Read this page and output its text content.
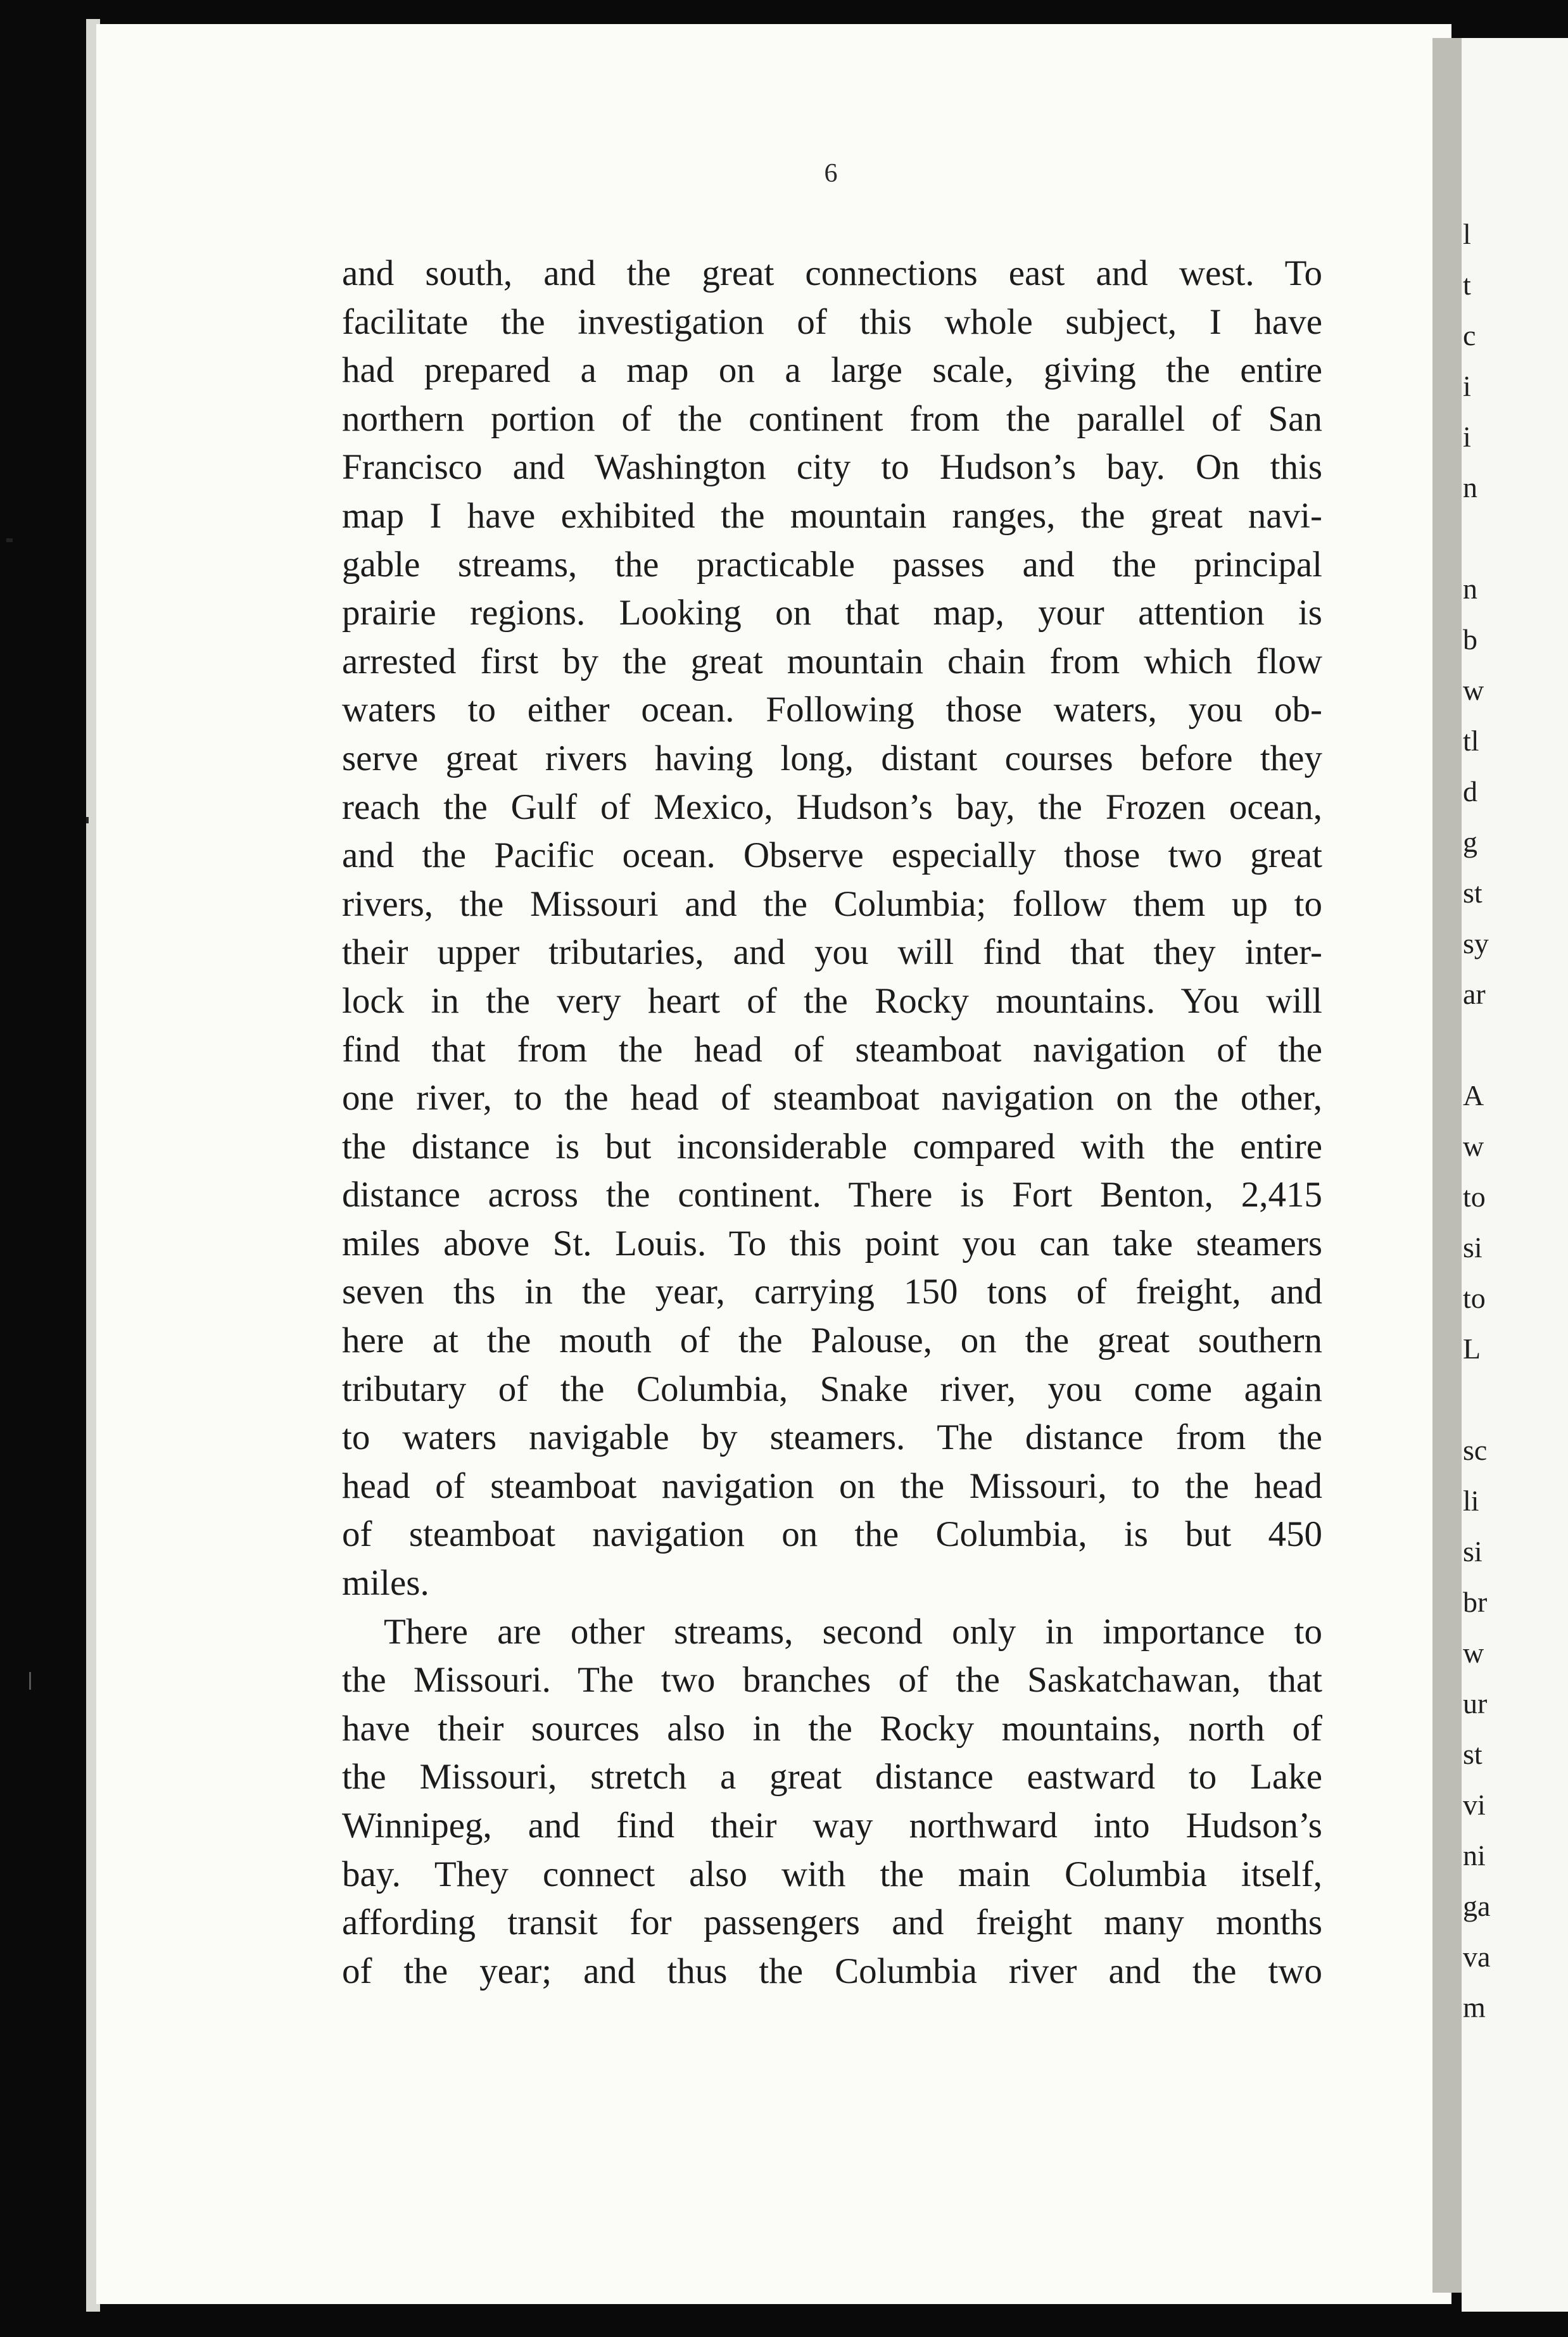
l
t
c
i
i
n
n
b
w
tl
d
g
st
sy
ar
A
w
to
si
to
L
sc
li
si
br
w
ur
st
vi
ni
ga
va
m
6
and south, and the great connections east and west. To
facilitate the investigation of this whole subject, I have
had prepared a map on a large scale, giving the entire
northern portion of the continent from the parallel of San
Francisco and Washington city to Hudson’s bay. On this
map I have exhibited the mountain ranges, the great navi-
gable streams, the practicable passes and the principal
prairie regions. Looking on that map, your attention is
arrested first by the great mountain chain from which flow
waters to either ocean. Following those waters, you ob-
serve great rivers having long, distant courses before they
reach the Gulf of Mexico, Hudson’s bay, the Frozen ocean,
and the Pacific ocean. Observe especially those two great
rivers, the Missouri and the Columbia; follow them up to
their upper tributaries, and you will find that they inter-
lock in the very heart of the Rocky mountains. You will
find that from the head of steamboat navigation of the
one river, to the head of steamboat navigation on the other,
the distance is but inconsiderable compared with the entire
distance across the continent. There is Fort Benton, 2,415
miles above St. Louis. To this point you can take steamers
seven ths in the year, carrying 150 tons of freight, and
here at the mouth of the Palouse, on the great southern
tributary of the Columbia, Snake river, you come again
to waters navigable by steamers. The distance from the
head of steamboat navigation on the Missouri, to the head
of steamboat navigation on the Columbia, is but 450
miles.
There are other streams, second only in importance to
the Missouri. The two branches of the Saskatchawan, that
have their sources also in the Rocky mountains, north of
the Missouri, stretch a great distance eastward to Lake
Winnipeg, and find their way northward into Hudson’s
bay. They connect also with the main Columbia itself,
affording transit for passengers and freight many months
of the year; and thus the Columbia river and the two
